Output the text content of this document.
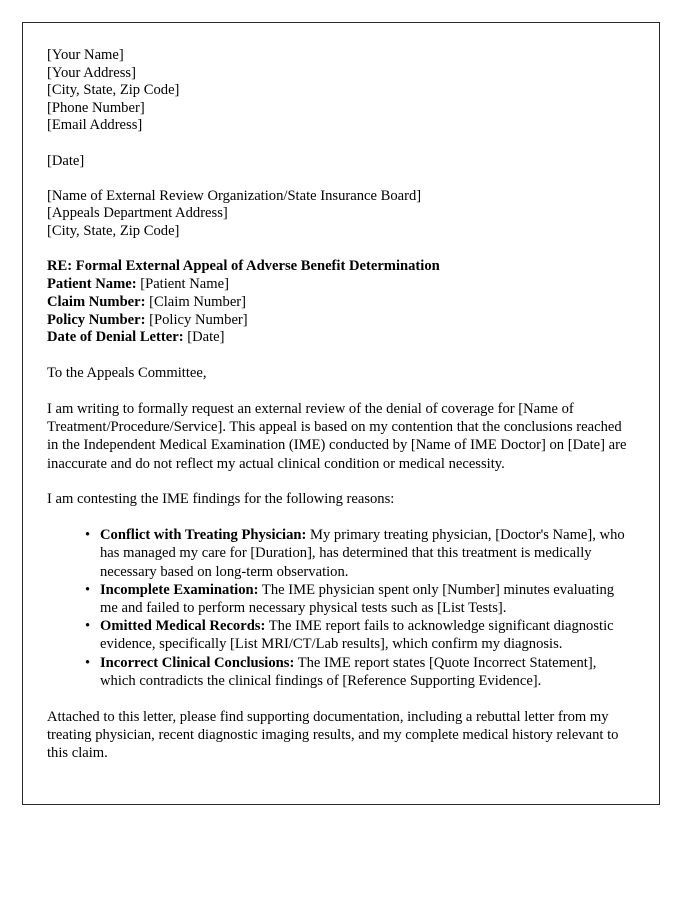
[Your Name]
[Your Address]
[City, State, Zip Code]
[Phone Number]
[Email Address]
[Date]
[Name of External Review Organization/State Insurance Board]
[Appeals Department Address]
[City, State, Zip Code]
RE: Formal External Appeal of Adverse Benefit Determination
Patient Name: [Patient Name]
Claim Number: [Claim Number]
Policy Number: [Policy Number]
Date of Denial Letter: [Date]
To the Appeals Committee,

I am writing to formally request an external review of the denial of coverage for [Name of Treatment/Procedure/Service]. This appeal is based on my contention that the conclusions reached in the Independent Medical Examination (IME) conducted by [Name of IME Doctor] on [Date] are inaccurate and do not reflect my actual clinical condition or medical necessity.

I am contesting the IME findings for the following reasons:

• Conflict with Treating Physician: My primary treating physician, [Doctor's Name], who has managed my care for [Duration], has determined that this treatment is medically necessary based on long-term observation.
• Incomplete Examination: The IME physician spent only [Number] minutes evaluating me and failed to perform necessary physical tests such as [List Tests].
• Omitted Medical Records: The IME report fails to acknowledge significant diagnostic evidence, specifically [List MRI/CT/Lab results], which confirm my diagnosis.
• Incorrect Clinical Conclusions: The IME report states [Quote Incorrect Statement], which contradicts the clinical findings of [Reference Supporting Evidence].

Attached to this letter, please find supporting documentation, including a rebuttal letter from my treating physician, recent diagnostic imaging results, and my complete medical history relevant to this claim.
